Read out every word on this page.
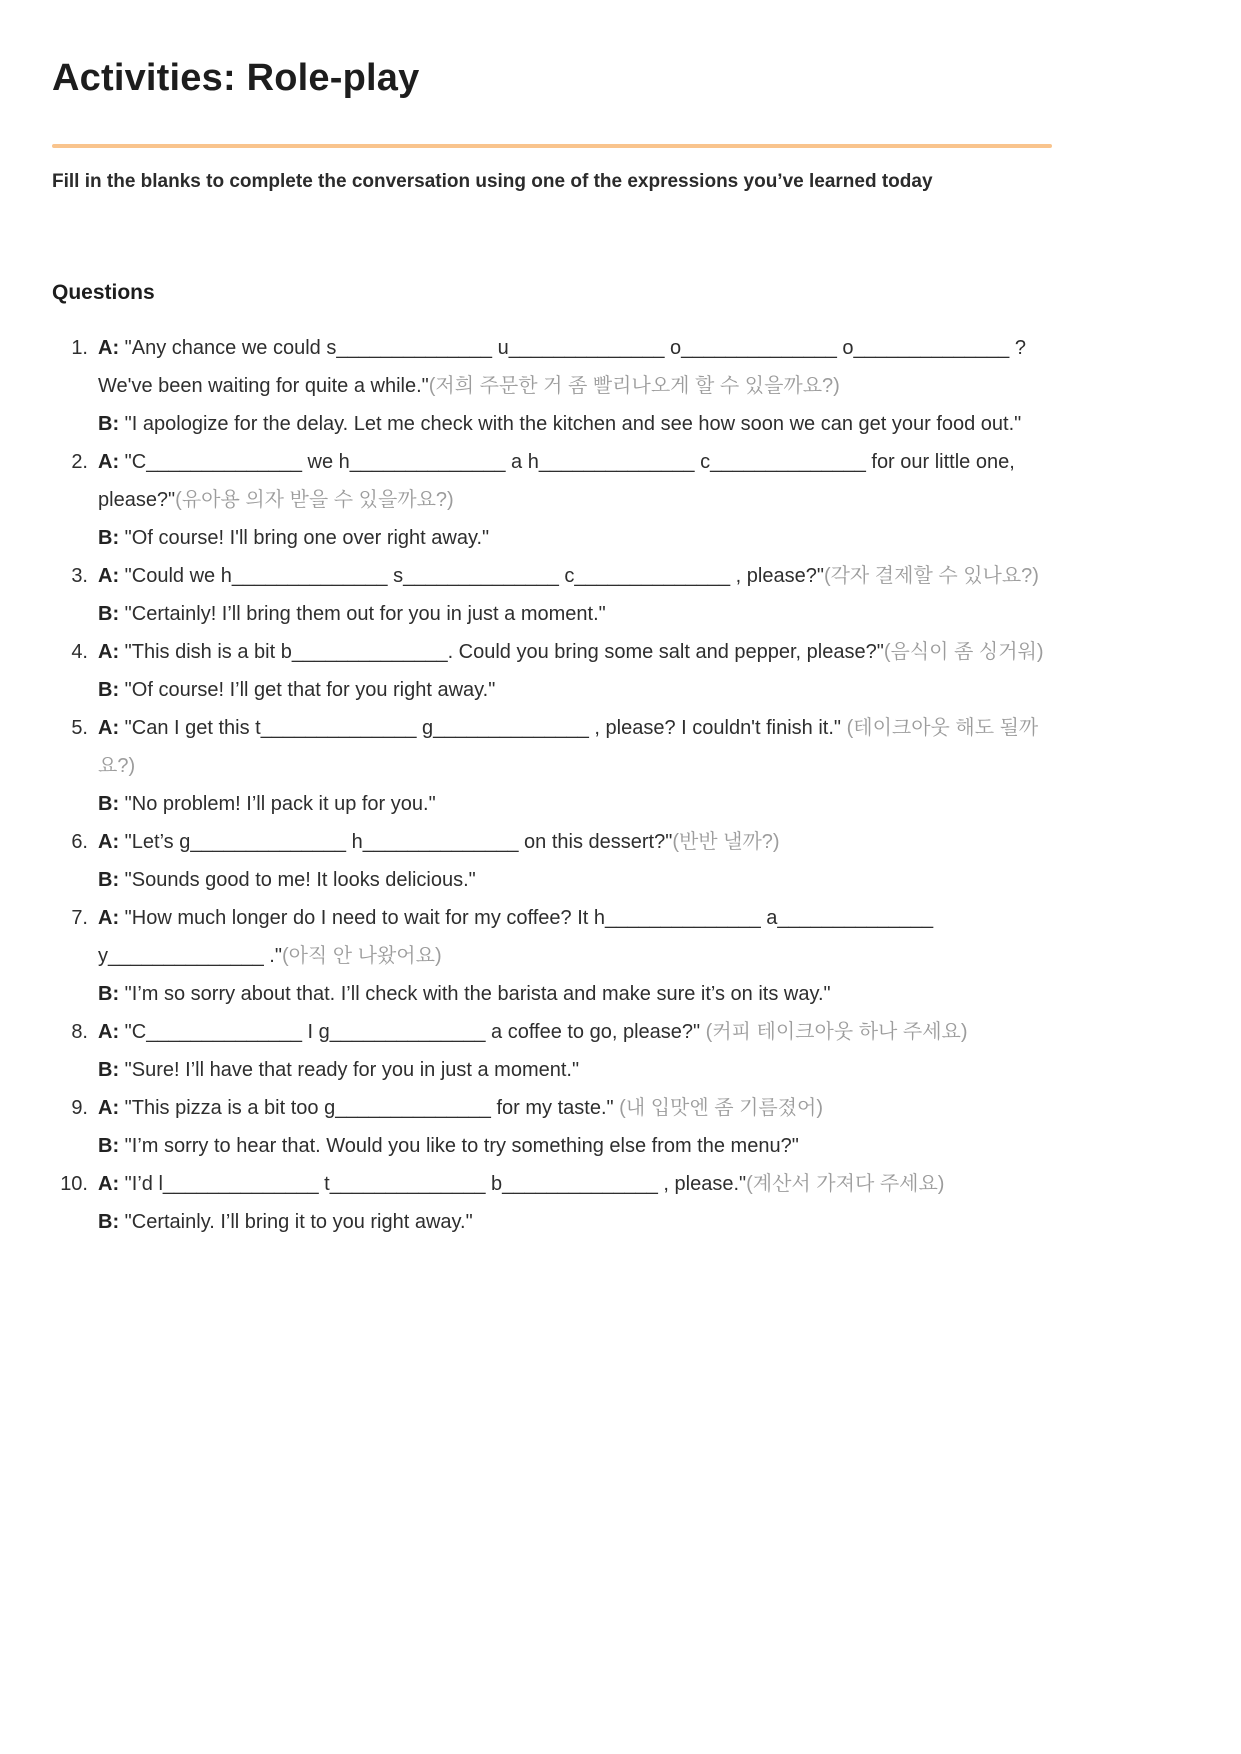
Activities: Role-play

Fill in the blanks to complete the conversation using one of the expressions you’ve learned today

Questions
1. A: "Any chance we could s______________ u______________ o______________ o______________ ? We've been waiting for quite a while."(저희 주문한 거 좀 빨리나오게 할 수 있을까요?)

B: "I apologize for the delay. Let me check with the kitchen and see how soon we can get your food out."

2. A: "C______________ we h______________ a h______________ c______________ for our little one, please?"(유아용 의자 받을 수 있을까요?)

B: "Of course! I'll bring one over right away."

3. A: "Could we h______________ s______________ c______________ , please?"(각자 결제할 수 있나요?)

B: "Certainly! I’ll bring them out for you in just a moment."

4. A: "This dish is a bit b______________. Could you bring some salt and pepper, please?"(음식이 좀 싱거워)

B: "Of course! I’ll get that for you right away."

5. A: "Can I get this t______________ g______________ , please? I couldn't finish it." (테이크아웃 해도 될까요?)

B: "No problem! I’ll pack it up for you."

6. A: "Let’s g______________ h______________ on this dessert?"(반반 낼까?)

B: "Sounds good to me! It looks delicious."

7. A: "How much longer do I need to wait for my coffee? It h______________ a______________ y______________ ."(아직 안 나왔어요)

B: "I’m so sorry about that. I’ll check with the barista and make sure it’s on its way."

8. A: "C______________ I g______________ a coffee to go, please?" (커피 테이크아웃 하나 주세요)

B: "Sure! I’ll have that ready for you in just a moment."

9. A: "This pizza is a bit too g______________ for my taste." (내 입맛엔 좀 기름졌어)

B: "I’m sorry to hear that. Would you like to try something else from the menu?"

10. A: "I’d l______________ t______________ b______________ , please."(계산서 가져다 주세요)

B: "Certainly. I’ll bring it to you right away."
